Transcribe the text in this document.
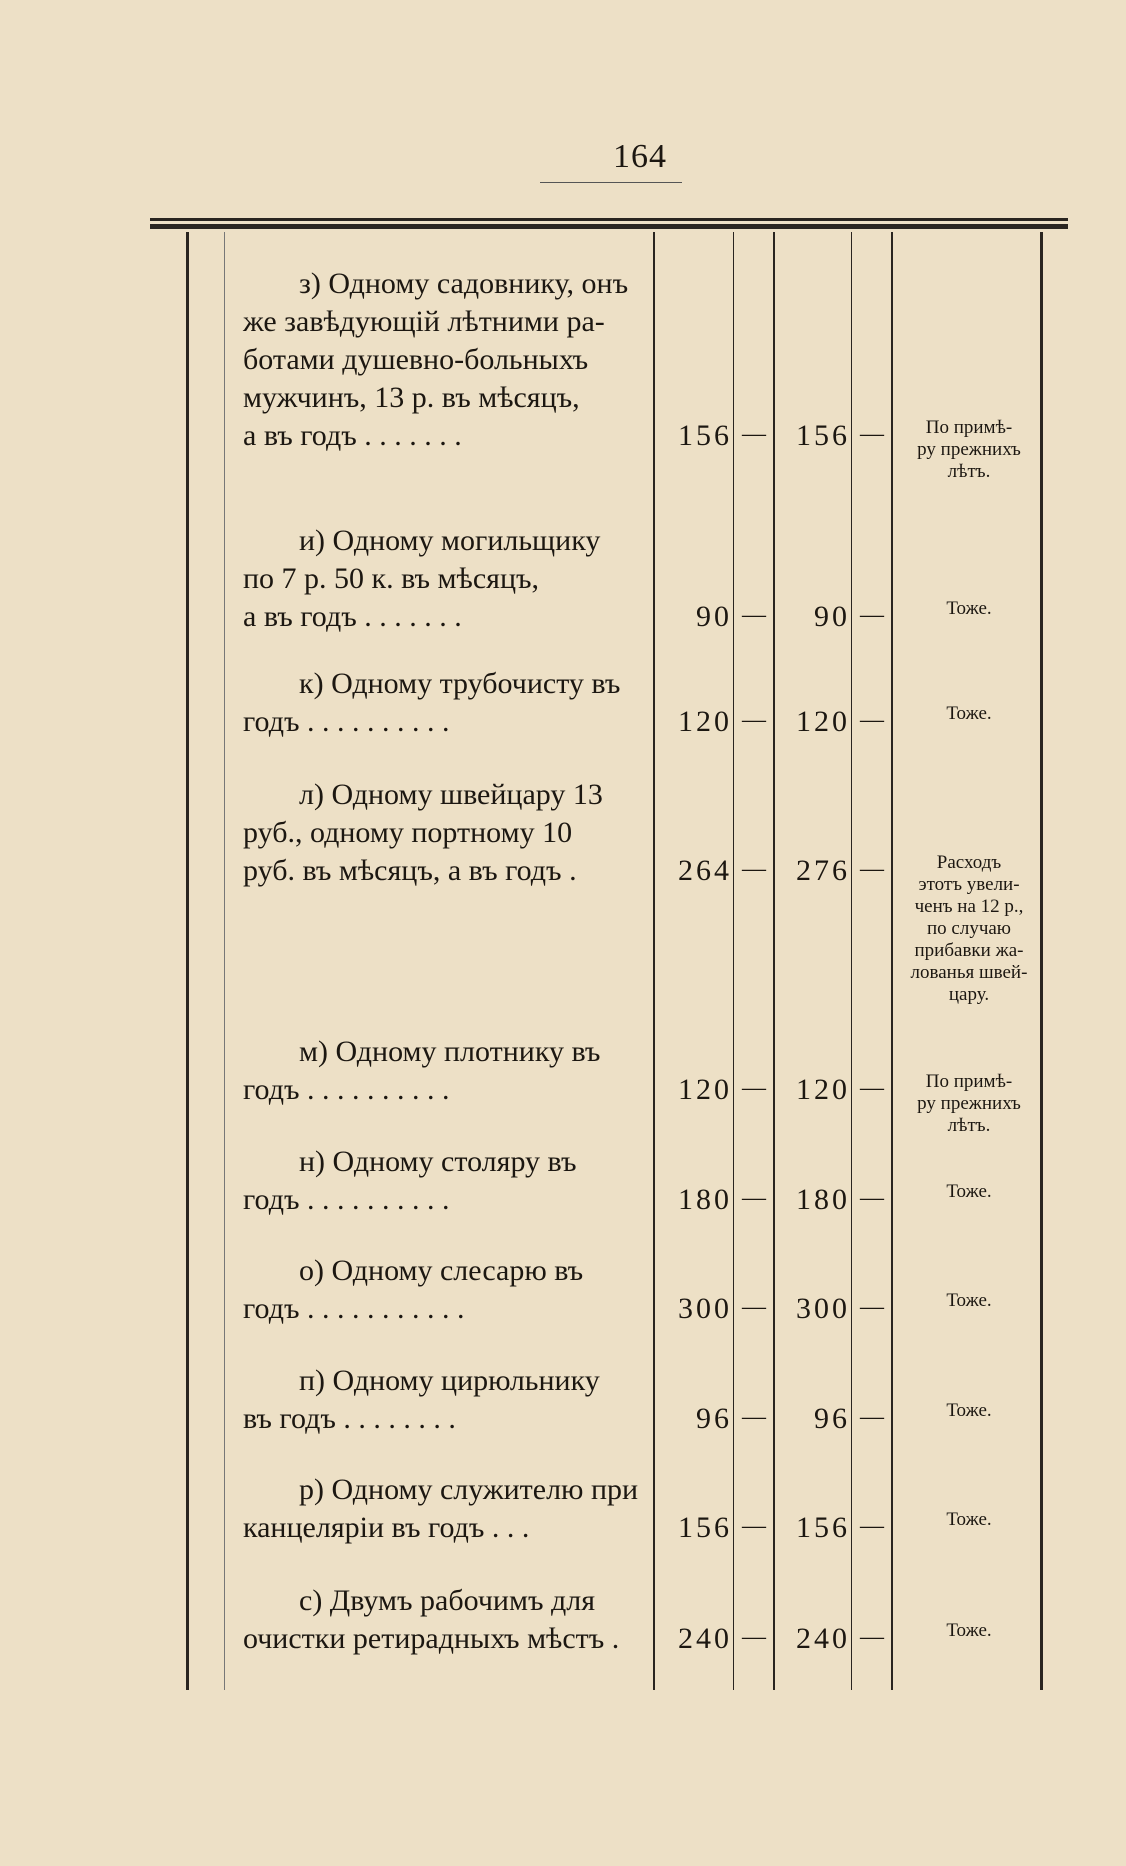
164
з) Одному садовнику, онъ
же завѣдующій лѣтними ра-
ботами душевно-больныхъ
мужчинъ, 13 р. въ мѣсяцъ,
а въ годъ . . . . . . .	156 —	156 —	По примѣ-
ру прежнихъ
лѣтъ.
и) Одному могильщику
по 7 р. 50 к. въ мѣсяцъ,
а въ годъ . . . . . . .	90 —	90 —	Тоже.
к) Одному трубочисту въ
годъ . . . . . . . . . .	120 —	120 —	Тоже.
л) Одному швейцару 13
руб., одному портному 10
руб. въ мѣсяцъ, а въ годъ .	264 —	276 —	Расходъ
этотъ увели-
ченъ на 12 р.,
по случаю
прибавки жа-
лованья швей-
цару.
м) Одному плотнику въ
годъ . . . . . . . . . .	120 —	120 —	По примѣ-
ру прежнихъ
лѣтъ.
н) Одному столяру въ
годъ . . . . . . . . . .	180 —	180 —	Тоже.
о) Одному слесарю въ
годъ . . . . . . . . . . .	300 —	300 —	Тоже.
п) Одному цирюльнику
въ годъ . . . . . . . .	96 —	96 —	Тоже.
р) Одному служителю при
канцеляріи въ годъ . . .	156 —	156 —	Тоже.
с) Двумъ рабочимъ для
очистки ретирадныхъ мѣстъ .	240 —	240 —	Тоже.
